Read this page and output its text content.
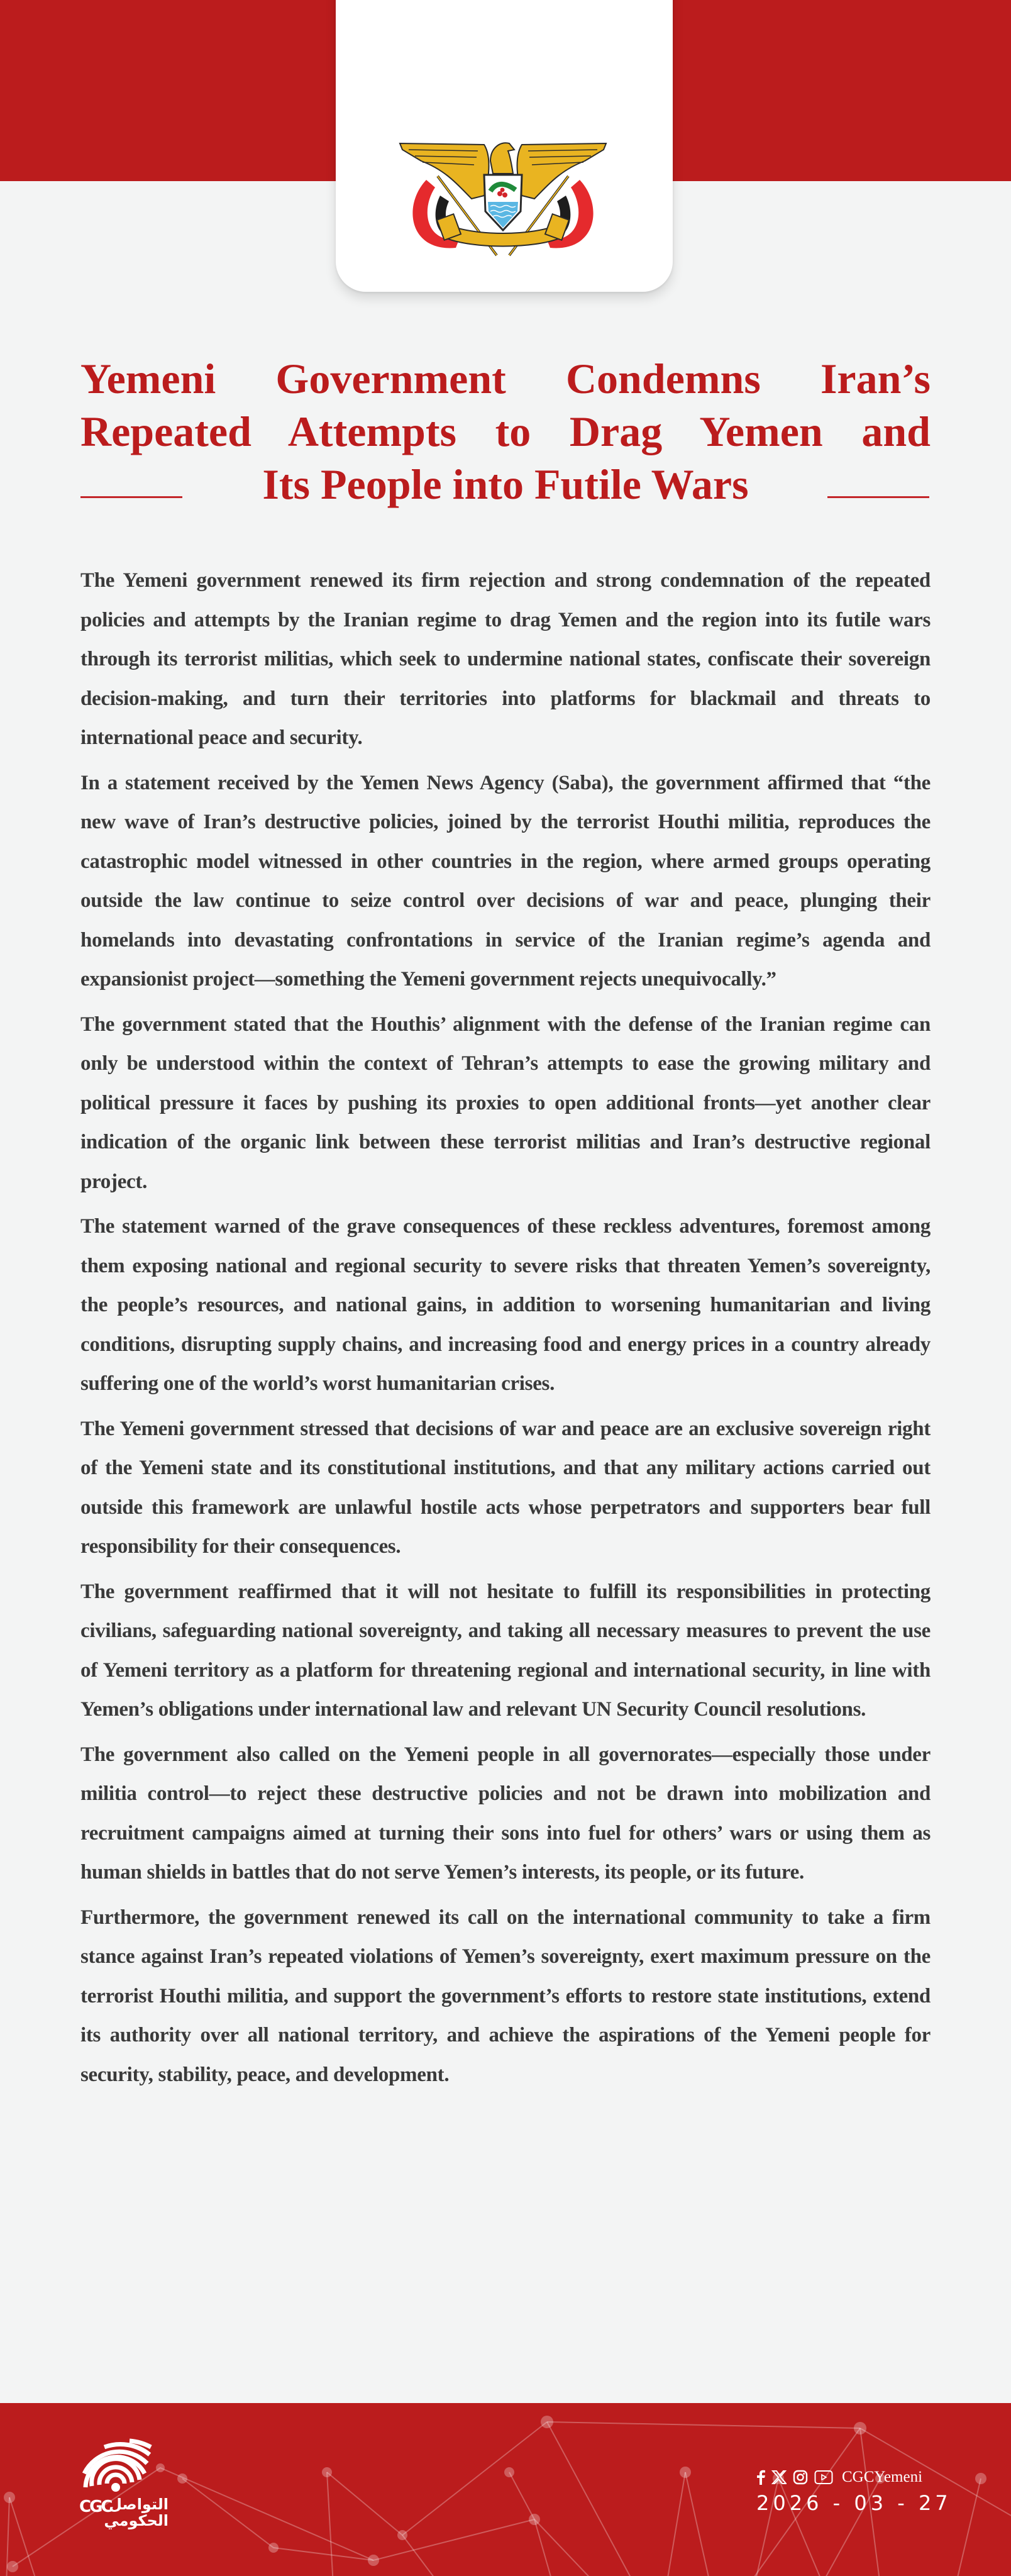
Yemeni Government Condemns Iran’s
Repeated Attempts to Drag Yemen and
Its People into Futile Wars

The Yemeni government renewed its firm rejection and strong condemnation of the repeated policies and attempts by the Iranian regime to drag Yemen and the region into its futile wars through its terrorist militias, which seek to undermine national states, confiscate their sovereign decision-making, and turn their territories into platforms for blackmail and threats to international peace and security.

In a statement received by the Yemen News Agency (Saba), the government affirmed that “the new wave of Iran’s destructive policies, joined by the terrorist Houthi militia, reproduces the catastrophic model witnessed in other countries in the region, where armed groups operating outside the law continue to seize control over decisions of war and peace, plunging their homelands into devastating confrontations in service of the Iranian regime’s agenda and expansionist project—something the Yemeni government rejects unequivocally.”

The government stated that the Houthis’ alignment with the defense of the Iranian regime can only be understood within the context of Tehran’s attempts to ease the growing military and political pressure it faces by pushing its proxies to open additional fronts—yet another clear indication of the organic link between these terrorist militias and Iran’s destructive regional project.

The statement warned of the grave consequences of these reckless adventures, foremost among them exposing national and regional security to severe risks that threaten Yemen’s sovereignty, the people’s resources, and national gains, in addition to worsening humanitarian and living conditions, disrupting supply chains, and increasing food and energy prices in a country already suffering one of the world’s worst humanitarian crises.

The Yemeni government stressed that decisions of war and peace are an exclusive sovereign right of the Yemeni state and its constitutional institutions, and that any military actions carried out outside this framework are unlawful hostile acts whose perpetrators and supporters bear full responsibility for their consequences.

The government reaffirmed that it will not hesitate to fulfill its responsibilities in protecting civilians, safeguarding national sovereignty, and taking all necessary measures to prevent the use of Yemeni territory as a platform for threatening regional and international security, in line with Yemen’s obligations under international law and relevant UN Security Council resolutions.

The government also called on the Yemeni people in all governorates—especially those under militia control—to reject these destructive policies and not be drawn into mobilization and recruitment campaigns aimed at turning their sons into fuel for others’ wars or using them as human shields in battles that do not serve Yemen’s interests, its people, or its future.

Furthermore, the government renewed its call on the international community to take a firm stance against Iran’s repeated violations of Yemen’s sovereignty, exert maximum pressure on the terrorist Houthi militia, and support the government’s efforts to restore state institutions, extend its authority over all national territory, and achieve the aspirations of the Yemeni people for security, stability, peace, and development.

CGC
التواصل
الحكومي
CGCYemeni
2026 - 03 - 27
